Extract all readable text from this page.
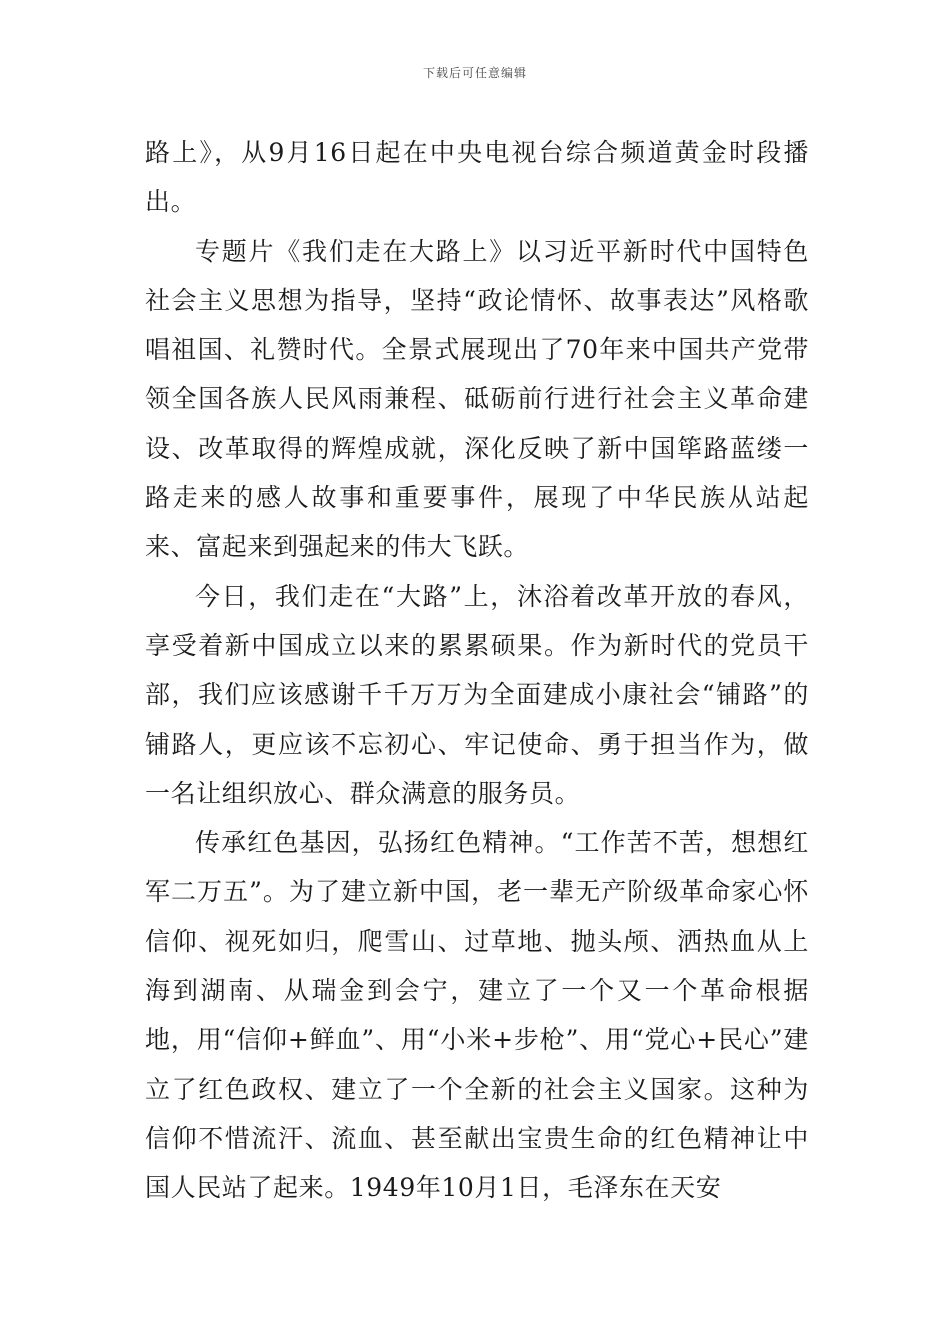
下载后可任意编辑

路上》，从9月16日起在中央电视台综合频道黄金时段播出。

专题片《我们走在大路上》以习近平新时代中国特色社会主义思想为指导，坚持“政论情怀、故事表达”风格歌唱祖国、礼赞时代。全景式展现出了70年来中国共产党带领全国各族人民风雨兼程、砥砺前行进行社会主义革命建设、改革取得的辉煌成就，深化反映了新中国筚路蓝缕一路走来的感人故事和重要事件，展现了中华民族从站起来、富起来到强起来的伟大飞跃。

今日，我们走在“大路”上，沐浴着改革开放的春风，享受着新中国成立以来的累累硕果。作为新时代的党员干部，我们应该感谢千千万万为全面建成小康社会“铺路”的铺路人，更应该不忘初心、牢记使命、勇于担当作为，做一名让组织放心、群众满意的服务员。

传承红色基因，弘扬红色精神。“工作苦不苦，想想红军二万五”。为了建立新中国，老一辈无产阶级革命家心怀信仰、视死如归，爬雪山、过草地、抛头颅、洒热血从上海到湖南、从瑞金到会宁，建立了一个又一个革命根据地，用“信仰+鲜血”、用“小米+步枪”、用“党心+民心”建立了红色政权、建立了一个全新的社会主义国家。这种为信仰不惜流汗、流血、甚至献出宝贵生命的红色精神让中国人民站了起来。1949年10月1日，毛泽东在天安
